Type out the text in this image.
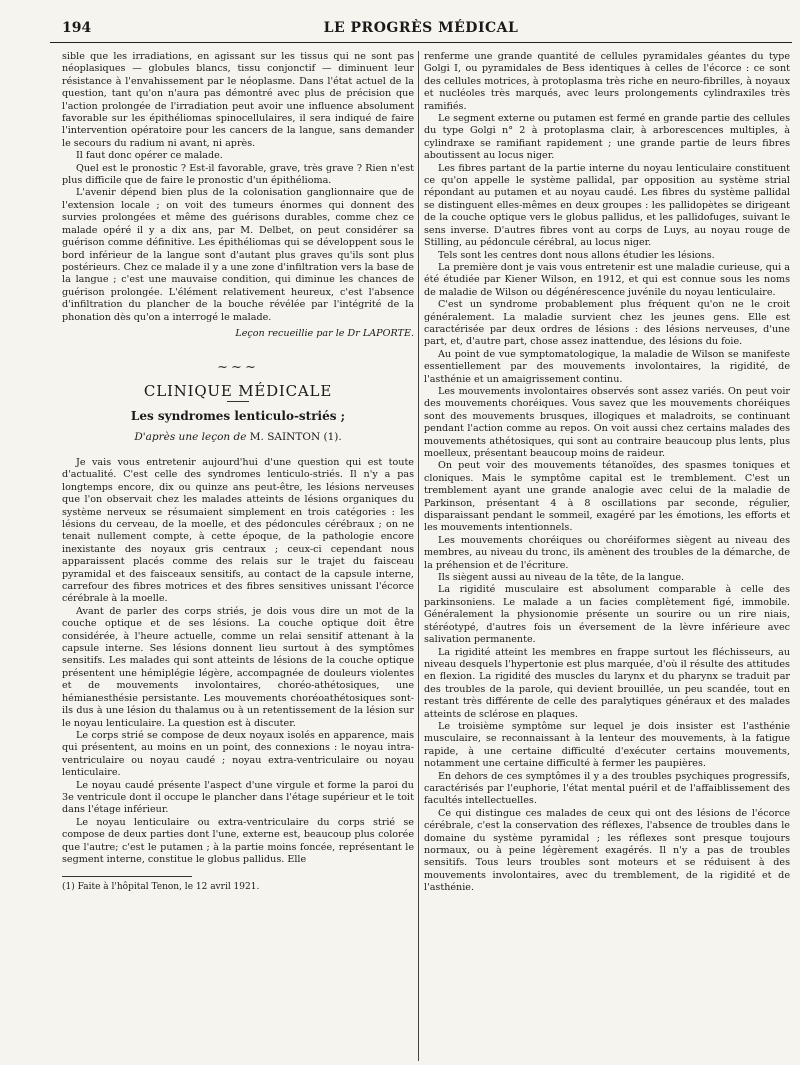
194	LE PROGRÈS MÉDICAL

sible que les irradiations, en agissant sur les tissus qui ne sont pas néoplasiques — globules blancs, tissu conjonctif — diminuent leur résistance à l'envahissement par le néoplasme. Dans l'état actuel de la question, tant qu'on n'aura pas démontré avec plus de précision que l'action prolongée de l'irradiation peut avoir une influence absolument favorable sur les épithéliomas spinocellulaires, il sera indiqué de faire l'intervention opératoire pour les cancers de la langue, sans demander le secours du radium ni avant, ni après.

Il faut donc opérer ce malade.

Quel est le pronostic ? Est-il favorable, grave, très grave ? Rien n'est plus difficile que de faire le pronostic d'un épithélioma.

L'avenir dépend bien plus de la colonisation ganglionnaire que de l'extension locale ; on voit des tumeurs énormes qui donnent des survies prolongées et même des guérisons durables, comme chez ce malade opéré il y a dix ans, par M. Delbet, on peut considérer sa guérison comme définitive. Les épithéliomas qui se développent sous le bord inférieur de la langue sont d'autant plus graves qu'ils sont plus postérieurs. Chez ce malade il y a une zone d'infiltration vers la base de la langue ; c'est une mauvaise condition, qui diminue les chances de guérison prolongée. L'élément relativement heureux, c'est l'absence d'infiltration du plancher de la bouche révélée par l'intégrité de la phonation dès qu'on a interrogé le malade.

Leçon recueillie par le Dr LAPORTE.

~~~
CLINIQUE MÉDICALE
Les syndromes lenticulo-striés ;
D'après une leçon de M. SAINTON (1).

Je vais vous entretenir aujourd'hui d'une question qui est toute d'actualité. C'est celle des syndromes lenticulo-striés. Il n'y a pas longtemps encore, dix ou quinze ans peut-être, les lésions nerveuses que l'on observait chez les malades atteints de lésions organiques du système nerveux se résumaient simplement en trois catégories : les lésions du cerveau, de la moelle, et des pédoncules cérébraux ; on ne tenait nullement compte, à cette époque, de la pathologie encore inexistante des noyaux gris centraux ; ceux-ci cependant nous apparaissent placés comme des relais sur le trajet du faisceau pyramidal et des faisceaux sensitifs, au contact de la capsule interne, carrefour des fibres motrices et des fibres sensitives unissant l'écorce cérébrale à la moelle.

Avant de parler des corps striés, je dois vous dire un mot de la couche optique et de ses lésions. La couche optique doit être considérée, à l'heure actuelle, comme un relai sensitif attenant à la capsule interne. Ses lésions donnent lieu surtout à des symptômes sensitifs. Les malades qui sont atteints de lésions de la couche optique présentent une hémiplégie légère, accompagnée de douleurs violentes et de mouvements involontaires, choréo-athétosiques, une hémianesthésie persistante. Les mouvements choréoathétosiques sont-ils dus à une lésion du thalamus ou à un retentissement de la lésion sur le noyau lenticulaire. La question est à discuter.

Le corps strié se compose de deux noyaux isolés en apparence, mais qui présentent, au moins en un point, des connexions : le noyau intra-ventriculaire ou noyau caudé ; noyau extra-ventriculaire ou noyau lenticulaire.

Le noyau caudé présente l'aspect d'une virgule et forme la paroi du 3e ventricule dont il occupe le plancher dans l'étage supérieur et le toit dans l'étage inférieur.

Le noyau lenticulaire ou extra-ventriculaire du corps strié se compose de deux parties dont l'une, externe est, beaucoup plus colorée que l'autre; c'est le putamen ; à la partie moins foncée, représentant le segment interne, constitue le globus pallidus. Elle

(1) Faite à l'hôpital Tenon, le 12 avril 1921.

renferme une grande quantité de cellules pyramidales géantes du type Golgi I, ou pyramidales de Bess identiques à celles de l'écorce : ce sont des cellules motrices, à protoplasma très riche en neuro-fibrilles, à noyaux et nucléoles très marqués, avec leurs prolongements cylindraxiles très ramifiés.

Le segment externe ou putamen est fermé en grande partie des cellules du type Golgi n° 2 à protoplasma clair, à arborescences multiples, à cylindraxe se ramifiant rapidement ; une grande partie de leurs fibres aboutissent au locus niger.

Les fibres partant de la partie interne du noyau lenticulaire constituent ce qu'on appelle le système pallidal, par opposition au système strial répondant au putamen et au noyau caudé. Les fibres du système pallidal se distinguent elles-mêmes en deux groupes : les pallidopètes se dirigeant de la couche optique vers le globus pallidus, et les pallidofuges, suivant le sens inverse. D'autres fibres vont au corps de Luys, au noyau rouge de Stilling, au pédoncule cérébral, au locus niger.

Tels sont les centres dont nous allons étudier les lésions.

La première dont je vais vous entretenir est une maladie curieuse, qui a été étudiée par Kiener Wilson, en 1912, et qui est connue sous les noms de maladie de Wilson ou dégénérescence juvénile du noyau lenticulaire.

C'est un syndrome probablement plus fréquent qu'on ne le croit généralement. La maladie survient chez les jeunes gens. Elle est caractérisée par deux ordres de lésions : des lésions nerveuses, d'une part, et, d'autre part, chose assez inattendue, des lésions du foie.

Au point de vue symptomatologique, la maladie de Wilson se manifeste essentiellement par des mouvements involontaires, la rigidité, de l'asthénie et un amaigrissement continu.

Les mouvements involontaires observés sont assez variés. On peut voir des mouvements choréiques. Vous savez que les mouvements choréiques sont des mouvements brusques, illogiques et maladroits, se continuant pendant l'action comme au repos. On voit aussi chez certains malades des mouvements athétosiques, qui sont au contraire beaucoup plus lents, plus moelleux, présentant beaucoup moins de raideur.

On peut voir des mouvements tétanoïdes, des spasmes toniques et cloniques. Mais le symptôme capital est le tremblement. C'est un tremblement ayant une grande analogie avec celui de la maladie de Parkinson, présentant 4 à 8 oscillations par seconde, régulier, disparaissant pendant le sommeil, exagéré par les émotions, les efforts et les mouvements intentionnels.

Les mouvements choréiques ou choréiformes siègent au niveau des membres, au niveau du tronc, ils amènent des troubles de la démarche, de la préhension et de l'écriture.

Ils siègent aussi au niveau de la tête, de la langue.

La rigidité musculaire est absolument comparable à celle des parkinsoniens. Le malade a un facies complètement figé, immobile. Généralement la physionomie présente un sourire ou un rire niais, stéréotypé, d'autres fois un éversement de la lèvre inférieure avec salivation permanente.

La rigidité atteint les membres en frappe surtout les fléchisseurs, au niveau desquels l'hypertonie est plus marquée, d'où il résulte des attitudes en flexion. La rigidité des muscles du larynx et du pharynx se traduit par des troubles de la parole, qui devient brouillée, un peu scandée, tout en restant très différente de celle des paralytiques généraux et des malades atteints de sclérose en plaques.

Le troisième symptôme sur lequel je dois insister est l'asthénie musculaire, se reconnaissant à la lenteur des mouvements, à la fatigue rapide, à une certaine difficulté d'exécuter certains mouvements, notamment une certaine difficulté à fermer les paupières.

En dehors de ces symptômes il y a des troubles psychiques progressifs, caractérisés par l'euphorie, l'état mental puéril et de l'affaiblissement des facultés intellectuelles.

Ce qui distingue ces malades de ceux qui ont des lésions de l'écorce cérébrale, c'est la conservation des réflexes, l'absence de troubles dans le domaine du système pyramidal ; les réflexes sont presque toujours normaux, ou à peine légèrement exagérés. Il n'y a pas de troubles sensitifs. Tous leurs troubles sont moteurs et se réduisent à des mouvements involontaires, avec du tremblement, de la rigidité et de l'asthénie.
